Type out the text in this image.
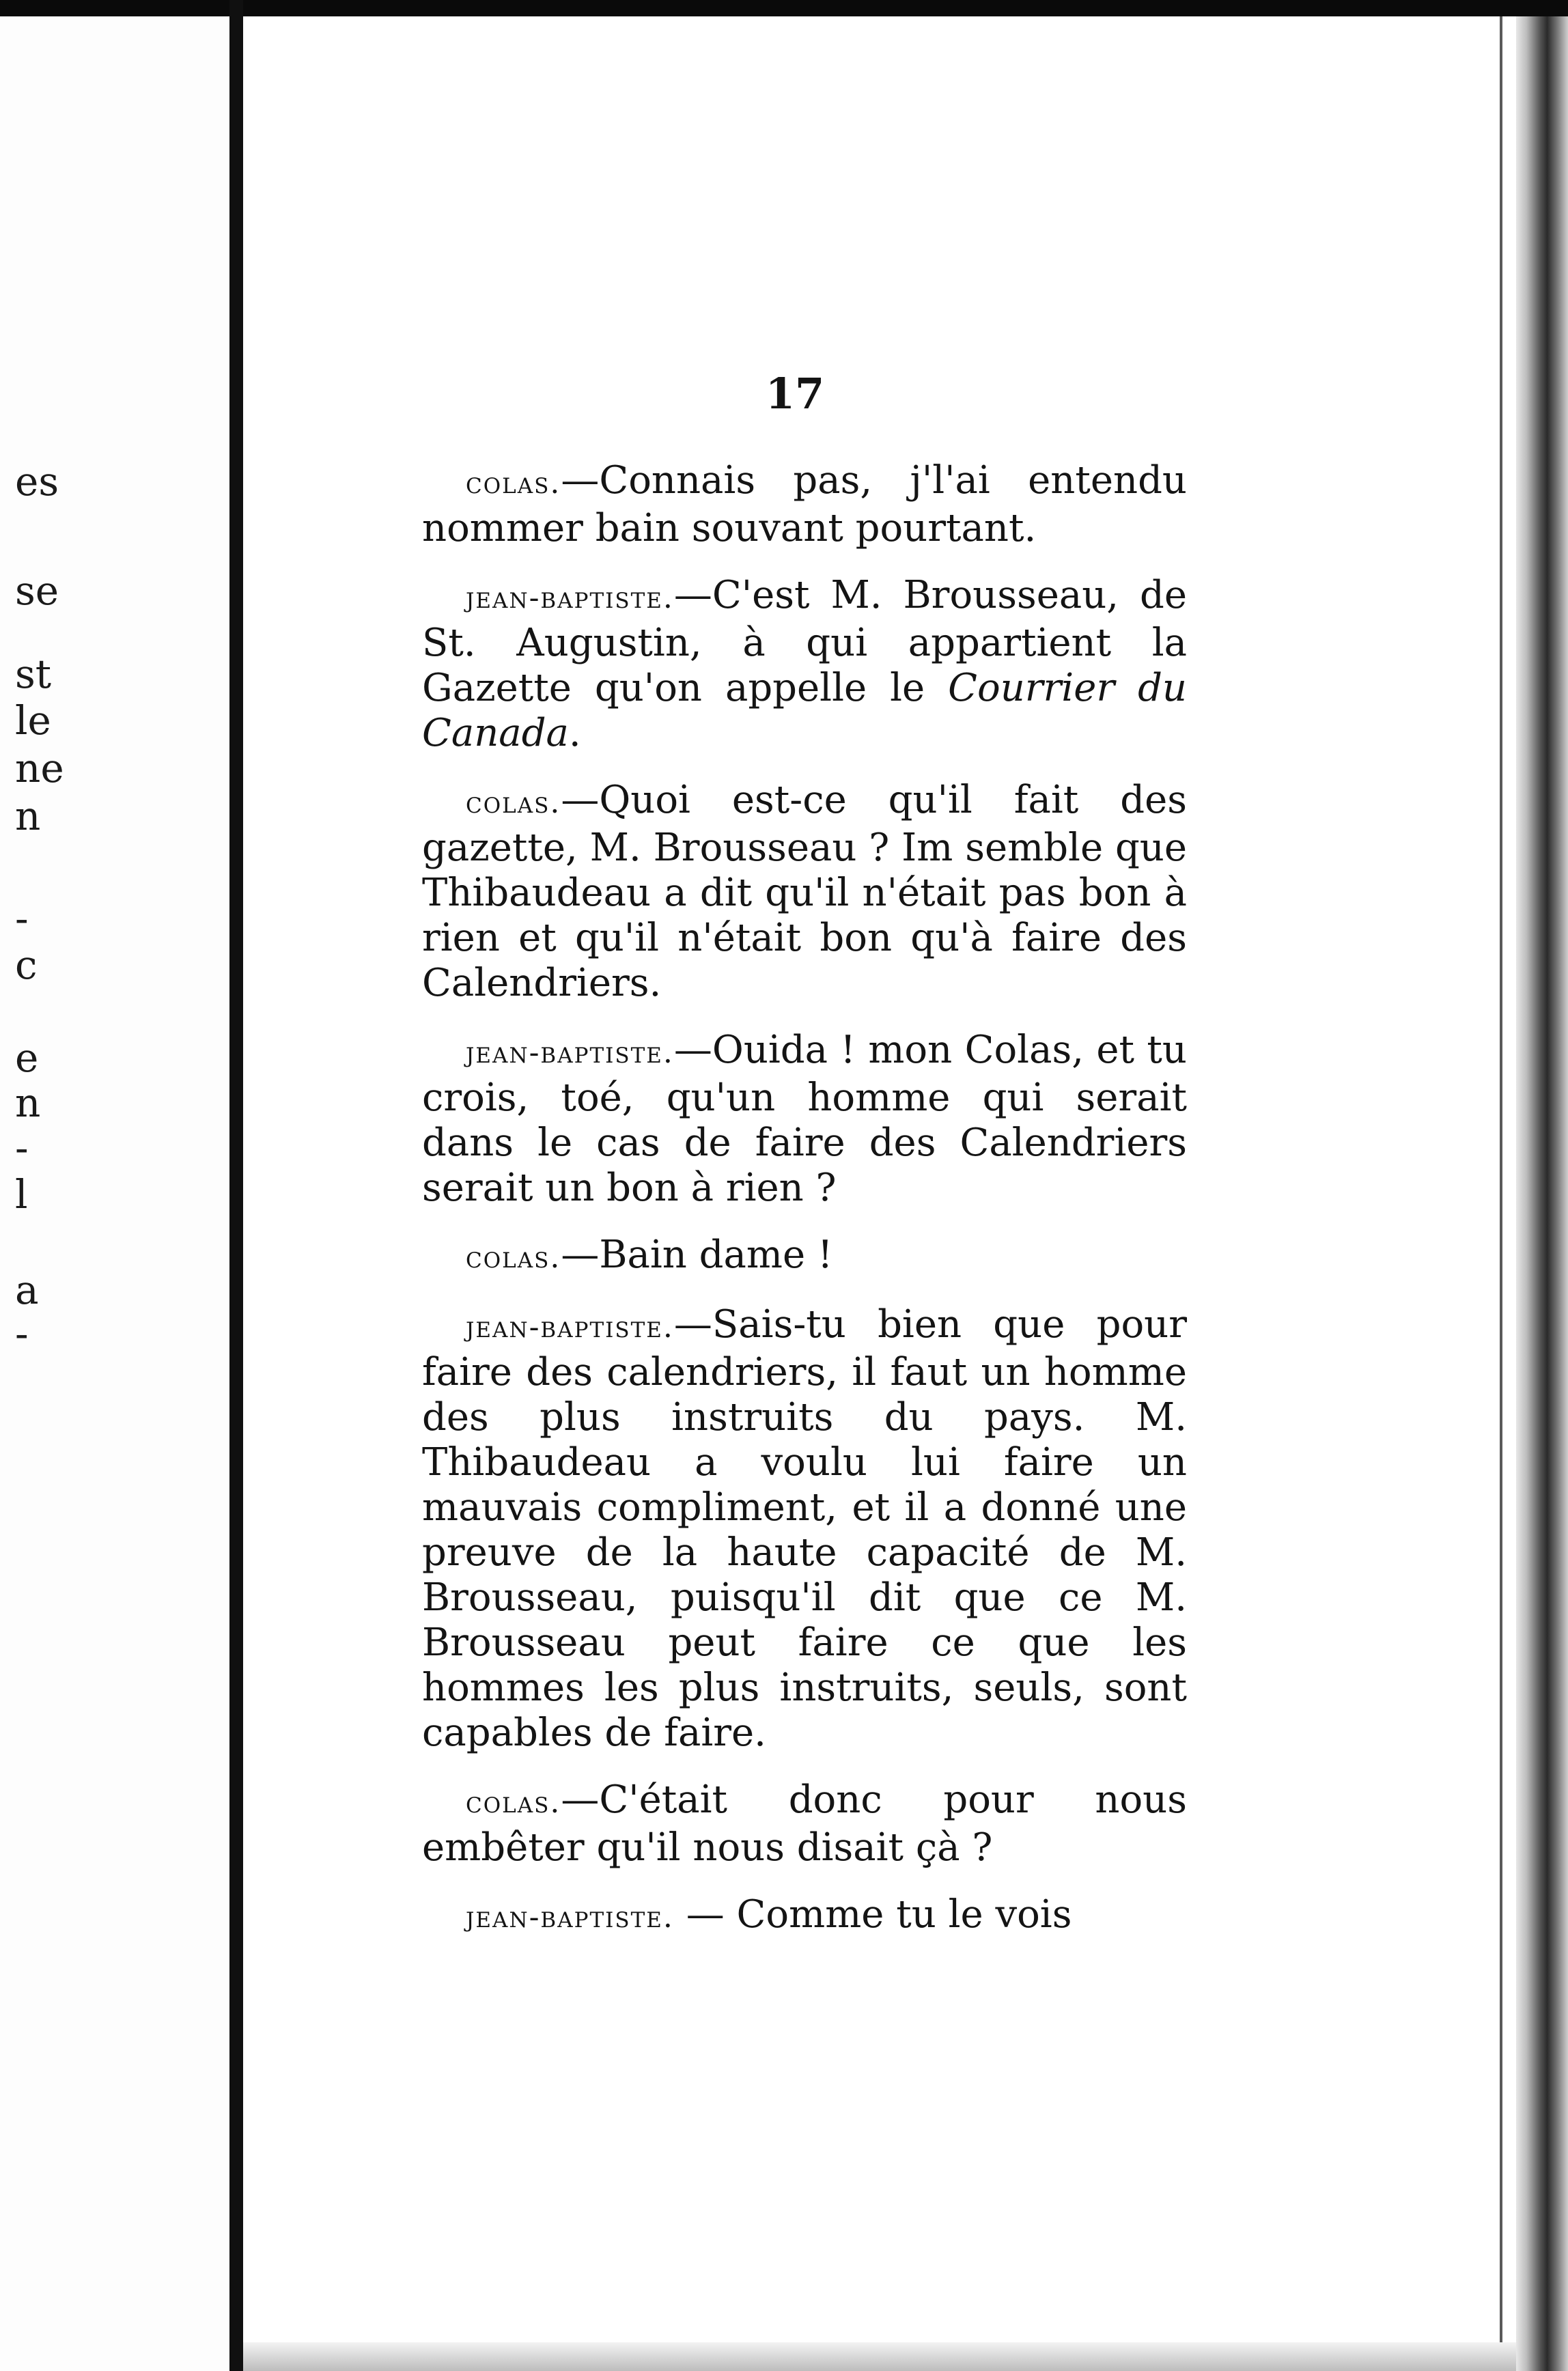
es
se
st
le
ne
n
-
c
e
n
-
l
a
-
17

colas.—Connais pas, j'l'ai entendu nommer bain souvant pourtant.

jean-baptiste.—C'est M. Brousseau, de St. Augustin, à qui appartient la Gazette qu'on appelle le Courrier du Canada.

colas.—Quoi est-ce qu'il fait des gazette, M. Brousseau ? Im semble que Thibaudeau a dit qu'il n'était pas bon à rien et qu'il n'était bon qu'à faire des Calendriers.

jean-baptiste.—Ouida ! mon Colas, et tu crois, toé, qu'un homme qui serait dans le cas de faire des Calendriers serait un bon à rien ?

colas.—Bain dame !

jean-baptiste.—Sais-tu bien que pour faire des calendriers, il faut un homme des plus instruits du pays. M. Thibaudeau a voulu lui faire un mauvais compliment, et il a donné une preuve de la haute capacité de M. Brousseau, puisqu'il dit que ce M. Brousseau peut faire ce que les hommes les plus instruits, seuls, sont capables de faire.

colas.—C'était donc pour nous embêter qu'il nous disait çà ?

jean-baptiste. — Comme tu le vois
